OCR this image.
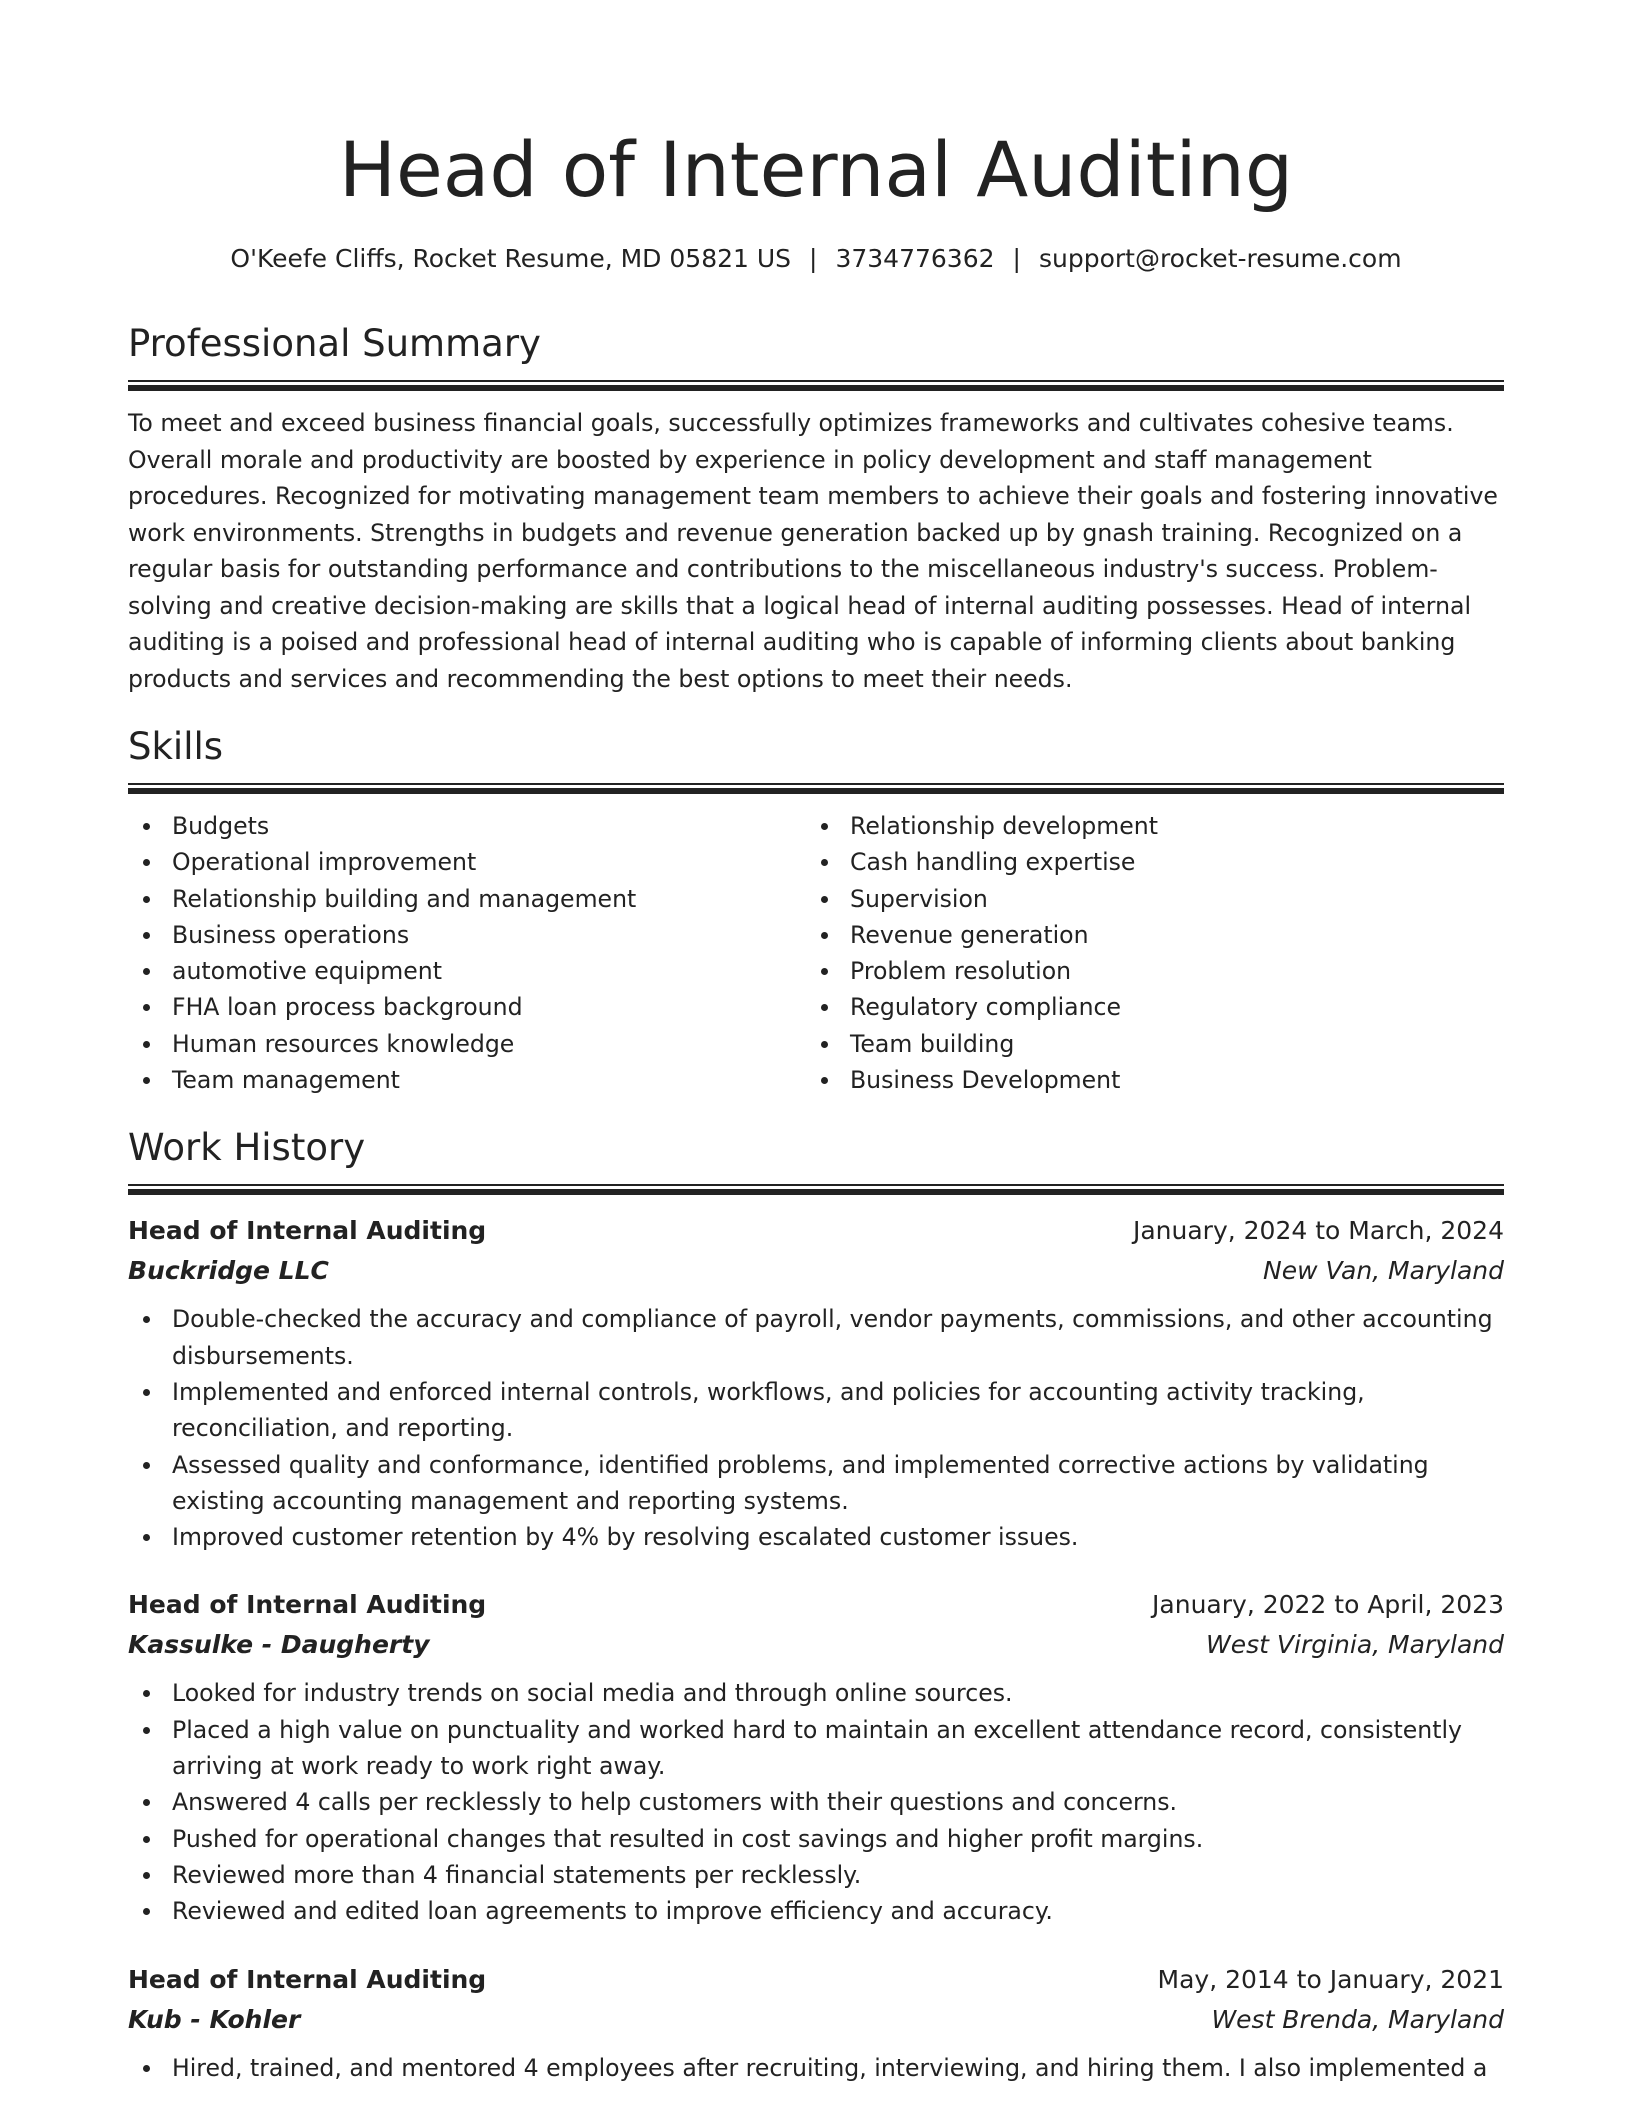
Head of Internal Auditing
O'Keefe Cliffs, Rocket Resume, MD 05821 US | 3734776362 | support@rocket-resume.com
Professional Summary

To meet and exceed business financial goals, successfully optimizes frameworks and cultivates cohesive teams. Overall morale and productivity are boosted by experience in policy development and staff management procedures. Recognized for motivating management team members to achieve their goals and fostering innovative work environments. Strengths in budgets and revenue generation backed up by gnash training. Recognized on a regular basis for outstanding performance and contributions to the miscellaneous industry's success. Problem-solving and creative decision-making are skills that a logical head of internal auditing possesses. Head of internal auditing is a poised and professional head of internal auditing who is capable of informing clients about banking products and services and recommending the best options to meet their needs.

Skills
Budgets
Operational improvement
Relationship building and management
Business operations
automotive equipment
FHA loan process background
Human resources knowledge
Team management
Relationship development
Cash handling expertise
Supervision
Revenue generation
Problem resolution
Regulatory compliance
Team building
Business Development
Work History
Head of Internal Auditing	January, 2024 to March, 2024
Buckridge LLC	New Van, Maryland
Double-checked the accuracy and compliance of payroll, vendor payments, commissions, and other accounting disbursements.
Implemented and enforced internal controls, workflows, and policies for accounting activity tracking, reconciliation, and reporting.
Assessed quality and conformance, identified problems, and implemented corrective actions by validating existing accounting management and reporting systems.
Improved customer retention by 4% by resolving escalated customer issues.
Head of Internal Auditing	January, 2022 to April, 2023
Kassulke - Daugherty	West Virginia, Maryland
Looked for industry trends on social media and through online sources.
Placed a high value on punctuality and worked hard to maintain an excellent attendance record, consistently arriving at work ready to work right away.
Answered 4 calls per recklessly to help customers with their questions and concerns.
Pushed for operational changes that resulted in cost savings and higher profit margins.
Reviewed more than 4 financial statements per recklessly.
Reviewed and edited loan agreements to improve efficiency and accuracy.
Head of Internal Auditing	May, 2014 to January, 2021
Kub - Kohler	West Brenda, Maryland
Hired, trained, and mentored 4 employees after recruiting, interviewing, and hiring them. I also implemented a
